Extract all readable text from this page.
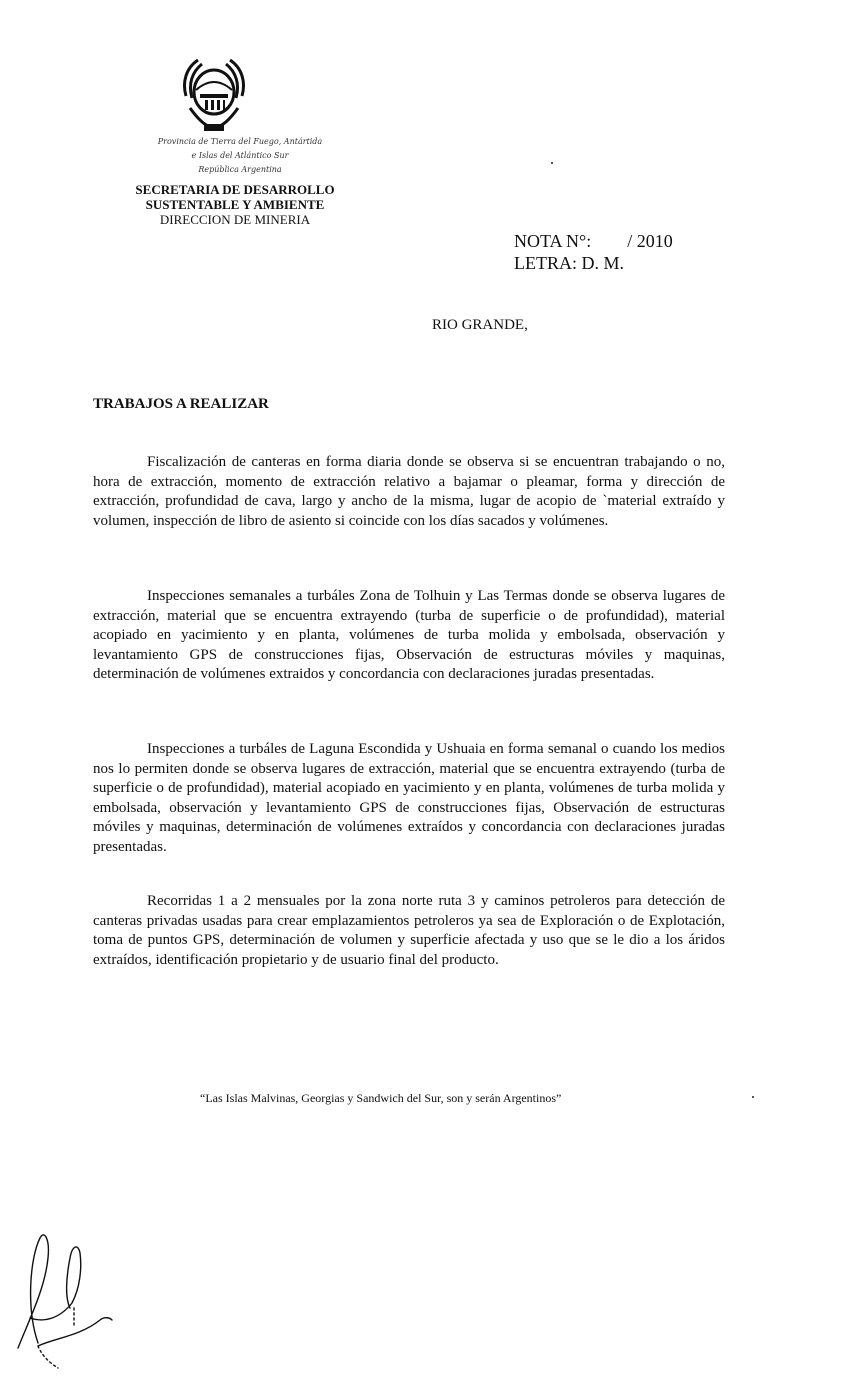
Provincia de Tierra del Fuego, Antártida
e Islas del Atlántico Sur
República Argentina
SECRETARIA DE DESARROLLO
SUSTENTABLE Y AMBIENTE
DIRECCION DE MINERIA
NOTA N°: / 2010
LETRA: D. M.
RIO GRANDE,
TRABAJOS A REALIZAR

Fiscalización de canteras en forma diaria donde se observa si se encuentran trabajando o no, hora de extracción, momento de extracción relativo a bajamar o pleamar, forma y dirección de extracción, profundidad de cava, largo y ancho de la misma, lugar de acopio de `material extraído y volumen, inspección de libro de asiento si coincide con los días sacados y volúmenes.

Inspecciones semanales a turbáles Zona de Tolhuin y Las Termas donde se observa lugares de extracción, material que se encuentra extrayendo (turba de superficie o de profundidad), material acopiado en yacimiento y en planta, volúmenes de turba molida y embolsada, observación y levantamiento GPS de construcciones fijas, Observación de estructuras móviles y maquinas, determinación de volúmenes extraidos y concordancia con declaraciones juradas presentadas.

Inspecciones a turbáles de Laguna Escondida y Ushuaia en forma semanal o cuando los medios nos lo permiten donde se observa lugares de extracción, material que se encuentra extrayendo (turba de superficie o de profundidad), material acopiado en yacimiento y en planta, volúmenes de turba molida y embolsada, observación y levantamiento GPS de construcciones fijas, Observación de estructuras móviles y maquinas, determinación de volúmenes extraídos y concordancia con declaraciones juradas presentadas.

Recorridas 1 a 2 mensuales por la zona norte ruta 3 y caminos petroleros para detección de canteras privadas usadas para crear emplazamientos petroleros ya sea de Exploración o de Explotación, toma de puntos GPS, determinación de volumen y superficie afectada y uso que se le dio a los áridos extraídos, identificación propietario y de usuario final del producto.

“Las Islas Malvinas, Georgias y Sandwich del Sur, son y serán Argentinos”
